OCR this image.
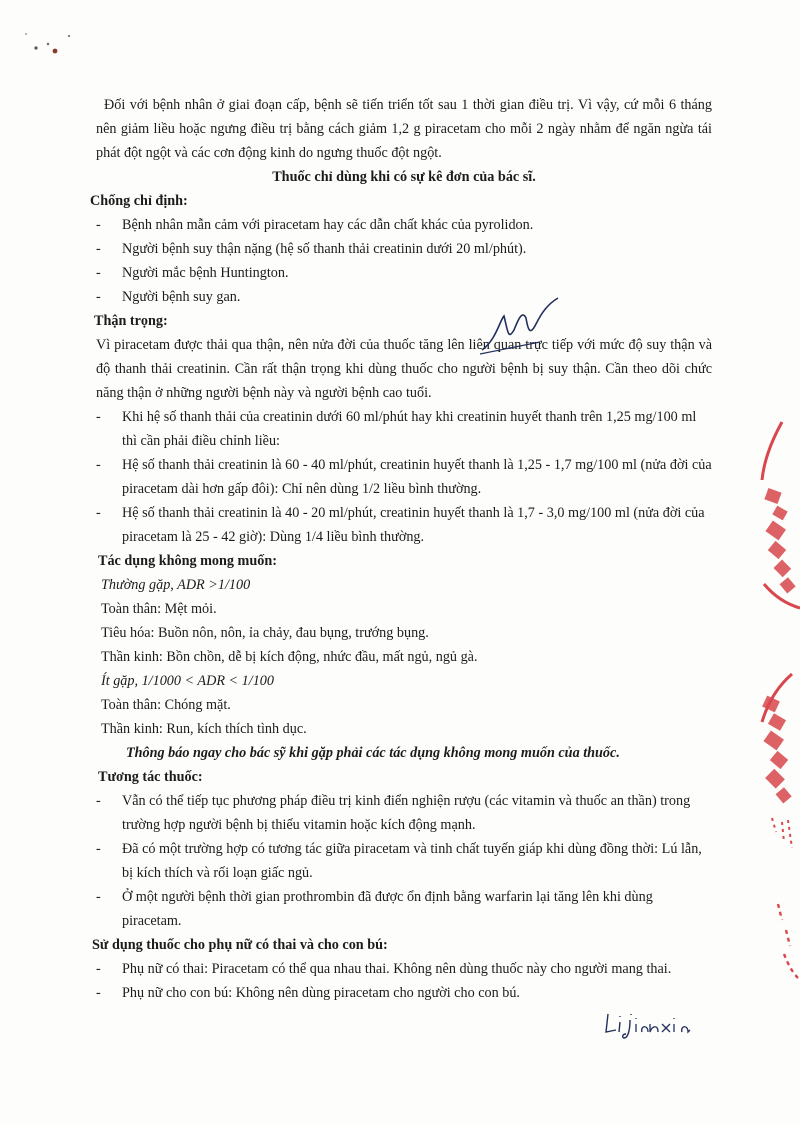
Đối với bệnh nhân ở giai đoạn cấp, bệnh sẽ tiến triển tốt sau 1 thời gian điều trị. Vì vậy, cứ mỗi 6 tháng nên giảm liều hoặc ngưng điều trị bằng cách giảm 1,2 g piracetam cho mỗi 2 ngày nhằm để ngăn ngừa tái phát đột ngột và các cơn động kinh do ngưng thuốc đột ngột.

Thuốc chỉ dùng khi có sự kê đơn của bác sĩ.

Chống chỉ định:

- Bệnh nhân mẫn cảm với piracetam hay các dẫn chất khác của pyrolidon.
- Người bệnh suy thận nặng (hệ số thanh thải creatinin dưới 20 ml/phút).
- Người mắc bệnh Huntington.
- Người bệnh suy gan.

Thận trọng:

Vì piracetam được thải qua thận, nên nửa đời của thuốc tăng lên liên quan trực tiếp với mức độ suy thận và độ thanh thải creatinin. Cần rất thận trọng khi dùng thuốc cho người bệnh bị suy thận. Cần theo dõi chức năng thận ở những người bệnh này và người bệnh cao tuổi.

- Khi hệ số thanh thải của creatinin dưới 60 ml/phút hay khi creatinin huyết thanh trên 1,25 mg/100 ml thì cần phải điều chỉnh liều:
- Hệ số thanh thải creatinin là 60 - 40 ml/phút, creatinin huyết thanh là 1,25 - 1,7 mg/100 ml (nửa đời của piracetam dài hơn gấp đôi): Chỉ nên dùng 1/2 liều bình thường.
- Hệ số thanh thải creatinin là 40 - 20 ml/phút, creatinin huyết thanh là 1,7 - 3,0 mg/100 ml (nửa đời của piracetam là 25 - 42 giờ): Dùng 1/4 liều bình thường.

Tác dụng không mong muốn:

Thường gặp, ADR >1/100

Toàn thân: Mệt mỏi.

Tiêu hóa: Buồn nôn, nôn, ỉa chảy, đau bụng, trướng bụng.

Thần kinh: Bồn chồn, dễ bị kích động, nhức đầu, mất ngủ, ngủ gà.

Ít gặp, 1/1000 < ADR < 1/100

Toàn thân: Chóng mặt.

Thần kinh: Run, kích thích tình dục.

Thông báo ngay cho bác sỹ khi gặp phải các tác dụng không mong muốn của thuốc.

Tương tác thuốc:

- Vẫn có thể tiếp tục phương pháp điều trị kinh điển nghiện rượu (các vitamin và thuốc an thần) trong trường hợp người bệnh bị thiếu vitamin hoặc kích động mạnh.
- Đã có một trường hợp có tương tác giữa piracetam và tinh chất tuyến giáp khi dùng đồng thời: Lú lẫn, bị kích thích và rối loạn giấc ngủ.
- Ở một người bệnh thời gian prothrombin đã được ổn định bằng warfarin lại tăng lên khi dùng piracetam.

Sử dụng thuốc cho phụ nữ có thai và cho con bú:

- Phụ nữ có thai: Piracetam có thể qua nhau thai. Không nên dùng thuốc này cho người mang thai.
- Phụ nữ cho con bú: Không nên dùng piracetam cho người cho con bú.
